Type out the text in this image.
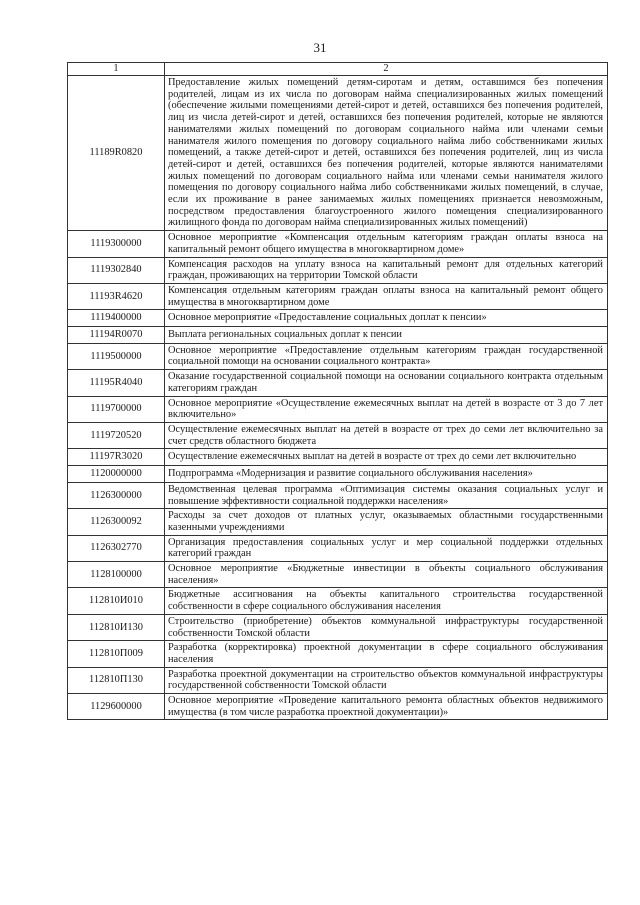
31
1	2
11189R0820	Предоставление жилых помещений детям-сиротам и детям, оставшимся без попечения родителей, лицам из их числа по договорам найма специализированных жилых помещений (обеспечение жилыми помещениями детей-сирот и детей, оставшихся без попечения родителей, лиц из числа детей-сирот и детей, оставшихся без попечения родителей, которые не являются нанимателями жилых помещений по договорам социального найма или членами семьи нанимателя жилого помещения по договору социального найма либо собственниками жилых помещений, а также детей-сирот и детей, оставшихся без попечения родителей, лиц из числа детей-сирот и детей, оставшихся без попечения родителей, которые являются нанимателями жилых помещений по договорам социального найма или членами семьи нанимателя жилого помещения по договору социального найма либо собственниками жилых помещений, в случае, если их проживание в ранее занимаемых жилых помещениях признается невозможным, посредством предоставления благоустроенного жилого помещения специализированного жилищного фонда по договорам найма специализированных жилых помещений)
1119300000	Основное мероприятие «Компенсация отдельным категориям граждан оплаты взноса на капитальный ремонт общего имущества в многоквартирном доме»
1119302840	Компенсация расходов на уплату взноса на капитальный ремонт для отдельных категорий граждан, проживающих на территории Томской области
11193R4620	Компенсация отдельным категориям граждан оплаты взноса на капитальный ремонт общего имущества в многоквартирном доме
1119400000	Основное мероприятие «Предоставление социальных доплат к пенсии»
11194R0070	Выплата региональных социальных доплат к пенсии
1119500000	Основное мероприятие «Предоставление отдельным категориям граждан государственной социальной помощи на основании социального контракта»
11195R4040	Оказание государственной социальной помощи на основании социального контракта отдельным категориям граждан
1119700000	Основное мероприятие «Осуществление ежемесячных выплат на детей в возрасте от 3 до 7 лет включительно»
1119720520	Осуществление ежемесячных выплат на детей в возрасте от трех до семи лет включительно за счет средств областного бюджета
11197R3020	Осуществление ежемесячных выплат на детей в возрасте от трех до семи лет включительно
1120000000	Подпрограмма «Модернизация и развитие социального обслуживания населения»
1126300000	Ведомственная целевая программа «Оптимизация системы оказания социальных услуг и повышение эффективности социальной поддержки населения»
1126300092	Расходы за счет доходов от платных услуг, оказываемых областными государственными казенными учреждениями
1126302770	Организация предоставления социальных услуг и мер социальной поддержки отдельных категорий граждан
1128100000	Основное мероприятие «Бюджетные инвестиции в объекты социального обслуживания населения»
112810И010	Бюджетные ассигнования на объекты капитального строительства государственной собственности в сфере социального обслуживания населения
112810И130	Строительство (приобретение) объектов коммунальной инфраструктуры государственной собственности Томской области
112810П009	Разработка (корректировка) проектной документации в сфере социального обслуживания населения
112810П130	Разработка проектной документации на строительство объектов коммунальной инфраструктуры государственной собственности Томской области
1129600000	Основное мероприятие «Проведение капитального ремонта областных объектов недвижимого имущества (в том числе разработка проектной документации)»
